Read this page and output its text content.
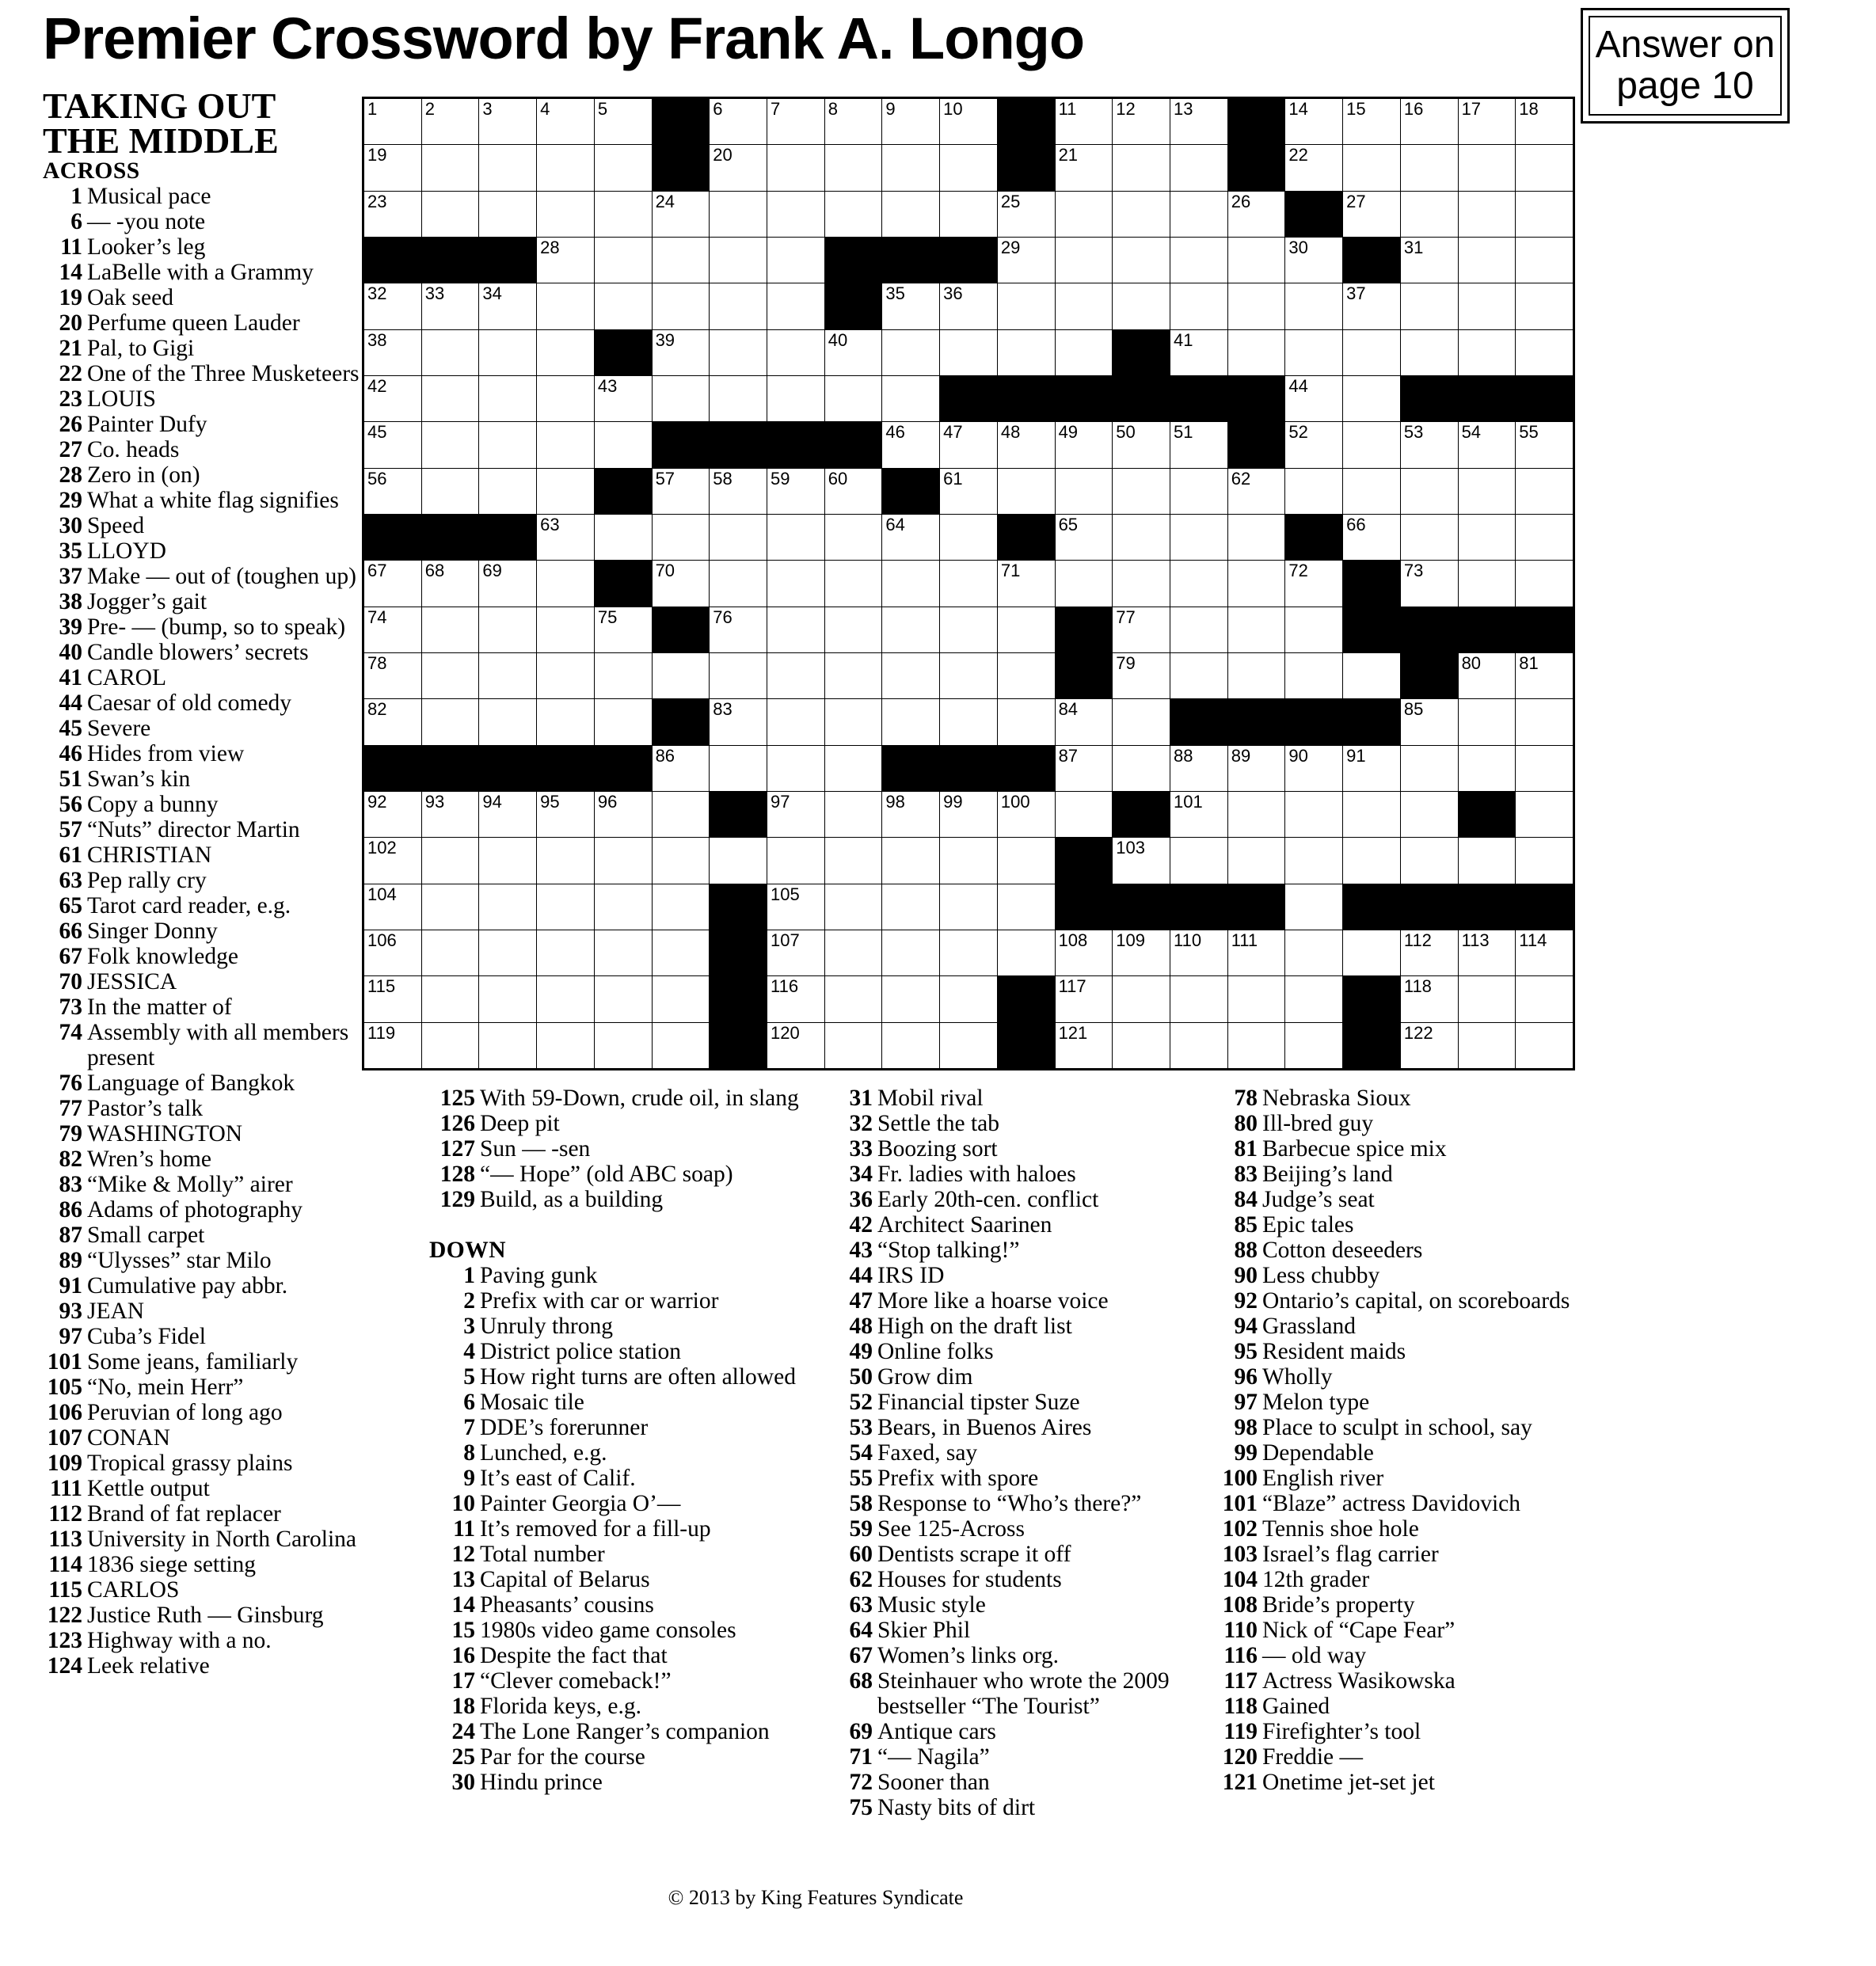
Premier Crossword by Frank A. Longo	Answer on
page 10
TAKING OUT
THE MIDDLE
ACROSS
1 Musical pace
6 — -you note
11 Looker’s leg
14 LaBelle with a Grammy
19 Oak seed
20 Perfume queen Lauder
21 Pal, to Gigi
22 One of the Three Musketeers
23 LOUIS
26 Painter Dufy
27 Co. heads
28 Zero in (on)
29 What a white flag signifies
30 Speed
35 LLOYD
37 Make — out of (toughen up)
38 Jogger’s gait
39 Pre- — (bump, so to speak)
40 Candle blowers’ secrets
41 CAROL
44 Caesar of old comedy
45 Severe
46 Hides from view
51 Swan’s kin
56 Copy a bunny
57 “Nuts” director Martin
61 CHRISTIAN
63 Pep rally cry
65 Tarot card reader, e.g.
66 Singer Donny
67 Folk knowledge
70 JESSICA
73 In the matter of
74 Assembly with all members present
76 Language of Bangkok
77 Pastor’s talk
79 WASHINGTON
82 Wren’s home
83 “Mike & Molly” airer
86 Adams of photography
87 Small carpet
89 “Ulysses” star Milo
91 Cumulative pay abbr.
93 JEAN
97 Cuba’s Fidel
101 Some jeans, familiarly
105 “No, mein Herr”
106 Peruvian of long ago
107 CONAN
109 Tropical grassy plains
111 Kettle output
112 Brand of fat replacer
113 University in North Carolina
114 1836 siege setting
115 CARLOS
122 Justice Ruth — Ginsburg
123 Highway with a no.
124 Leek relative
1	2	3	4	5	6	7	8	9	10	11 12 13	14 15 16 17 18
19	20	21	22
23	24	25	26	27
28	29	30	31
32 33 34	35 36	37
38	39	40	41
42	43	44
45	46 47 48 49 50 51	52	53 54 55
56	57 58 59 60	61	62
63	64	65	66
67 68 69	70	71	72	73
74	75	76	77
78	79	80 81
82	83	84	85
86	87	88 89 90 91
92 93 94 95 96	97	98 99 100	101
102	103
104	105
106	107	108 109 110 111	112 113 114
115	116	117	118
119	120	121	122
125 With 59-Down, crude oil, in slang
126 Deep pit
127 Sun — -sen
128 “— Hope” (old ABC soap)
129 Build, as a building
DOWN
1 Paving gunk
2 Prefix with car or warrior
3 Unruly throng
4 District police station
5 How right turns are often allowed
6 Mosaic tile
7 DDE’s forerunner
8 Lunched, e.g.
9 It’s east of Calif.
10 Painter Georgia O’—
11 It’s removed for a fill-up
12 Total number
13 Capital of Belarus
14 Pheasants’ cousins
15 1980s video game consoles
16 Despite the fact that
17 “Clever comeback!”
18 Florida keys, e.g.
24 The Lone Ranger’s companion
25 Par for the course
30 Hindu prince
31 Mobil rival
32 Settle the tab
33 Boozing sort
34 Fr. ladies with haloes
36 Early 20th-cen. conflict
42 Architect Saarinen
43 “Stop talking!”
44 IRS ID
47 More like a hoarse voice
48 High on the draft list
49 Online folks
50 Grow dim
52 Financial tipster Suze
53 Bears, in Buenos Aires
54 Faxed, say
55 Prefix with spore
58 Response to “Who’s there?”
59 See 125-Across
60 Dentists scrape it off
62 Houses for students
63 Music style
64 Skier Phil
67 Women’s links org.
68 Steinhauer who wrote the 2009 bestseller “The Tourist”
69 Antique cars
71 “— Nagila”
72 Sooner than
75 Nasty bits of dirt
78 Nebraska Sioux
80 Ill-bred guy
81 Barbecue spice mix
83 Beijing’s land
84 Judge’s seat
85 Epic tales
88 Cotton deseeders
90 Less chubby
92 Ontario’s capital, on scoreboards
94 Grassland
95 Resident maids
96 Wholly
97 Melon type
98 Place to sculpt in school, say
99 Dependable
100 English river
101 “Blaze” actress Davidovich
102 Tennis shoe hole
103 Israel’s flag carrier
104 12th grader
108 Bride’s property
110 Nick of “Cape Fear”
116 — old way
117 Actress Wasikowska
118 Gained
119 Firefighter’s tool
120 Freddie —
121 Onetime jet-set jet
© 2013 by King Features Syndicate
